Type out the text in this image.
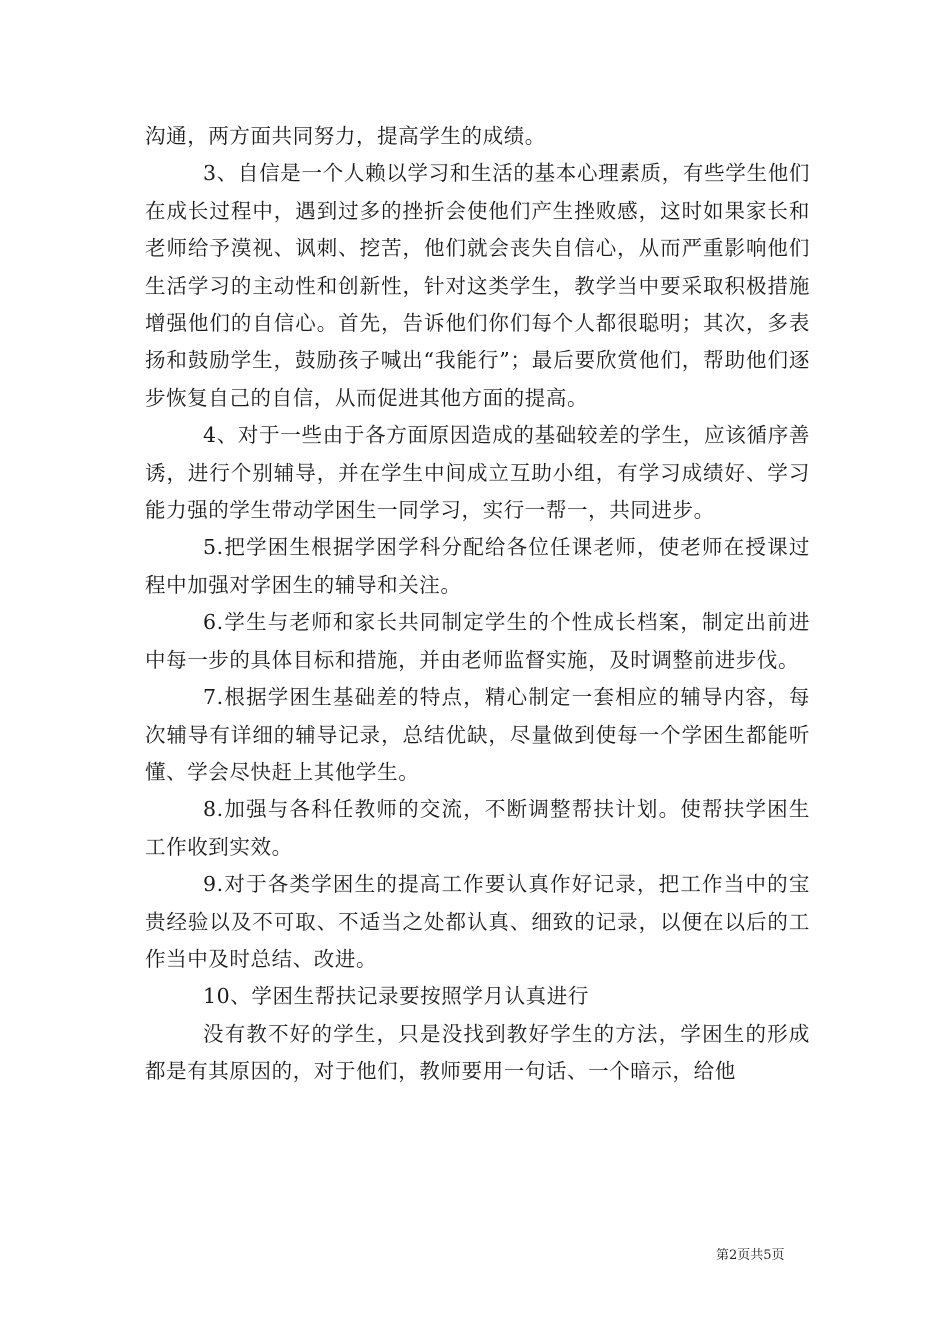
沟通，两方面共同努力，提高学生的成绩。

3、自信是一个人赖以学习和生活的基本心理素质，有些学生他们在成长过程中，遇到过多的挫折会使他们产生挫败感，这时如果家长和老师给予漠视、讽刺、挖苦，他们就会丧失自信心，从而严重影响他们生活学习的主动性和创新性，针对这类学生，教学当中要采取积极措施增强他们的自信心。首先，告诉他们你们每个人都很聪明；其次，多表扬和鼓励学生，鼓励孩子喊出“我能行”；最后要欣赏他们，帮助他们逐步恢复自己的自信，从而促进其他方面的提高。

4、对于一些由于各方面原因造成的基础较差的学生，应该循序善诱，进行个别辅导，并在学生中间成立互助小组，有学习成绩好、学习能力强的学生带动学困生一同学习，实行一帮一，共同进步。

5.把学困生根据学困学科分配给各位任课老师，使老师在授课过程中加强对学困生的辅导和关注。

6.学生与老师和家长共同制定学生的个性成长档案，制定出前进中每一步的具体目标和措施，并由老师监督实施，及时调整前进步伐。

7.根据学困生基础差的特点，精心制定一套相应的辅导内容，每次辅导有详细的辅导记录，总结优缺，尽量做到使每一个学困生都能听懂、学会尽快赶上其他学生。

8.加强与各科任教师的交流，不断调整帮扶计划。使帮扶学困生工作收到实效。

9.对于各类学困生的提高工作要认真作好记录，把工作当中的宝贵经验以及不可取、不适当之处都认真、细致的记录，以便在以后的工作当中及时总结、改进。

10、学困生帮扶记录要按照学月认真进行

没有教不好的学生，只是没找到教好学生的方法，学困生的形成都是有其原因的，对于他们，教师要用一句话、一个暗示，给他

第2页共5页
